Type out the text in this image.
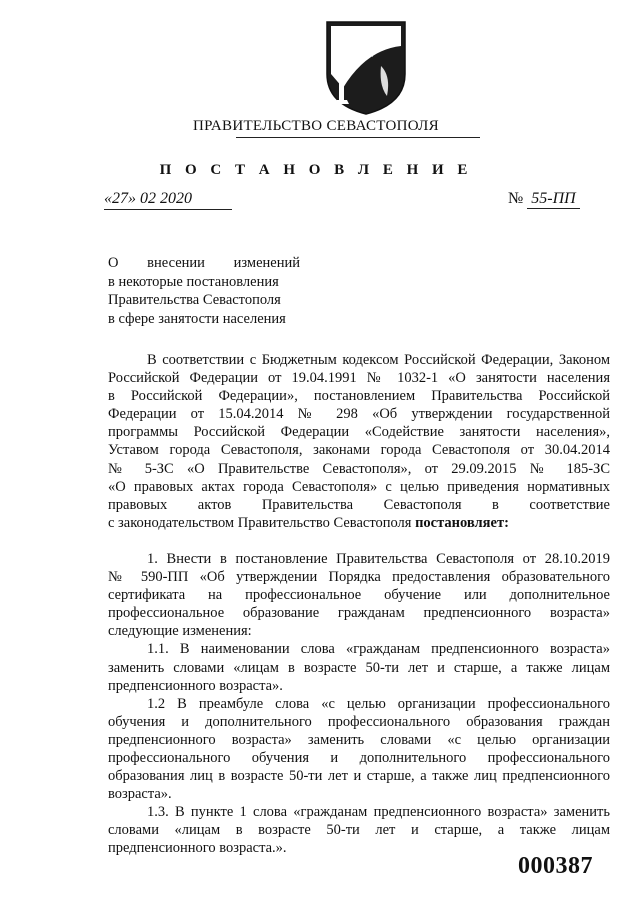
ПРАВИТЕЛЬСТВО СЕВАСТОПОЛЯ
П О С Т А Н О В Л Е Н И Е
«27» 02 2020	№ 55-ПП
О внесении изменений
в некоторые постановления
Правительства Севастополя
в сфере занятости населения
В соответствии с Бюджетным кодексом Российской Федерации, Законом
Российской Федерации от 19.04.1991 № 1032-1 «О занятости населения
в Российской Федерации», постановлением Правительства Российской
Федерации от 15.04.2014 № 298 «Об утверждении государственной
программы Российской Федерации «Содействие занятости населения»,
Уставом города Севастополя, законами города Севастополя от 30.04.2014
№ 5-ЗС «О Правительстве Севастополя», от 29.09.2015 № 185-ЗС
«О правовых актах города Севастополя» с целью приведения нормативных
правовых актов Правительства Севастополя в соответствие
с законодательством Правительство Севастополя постановляет:
1. Внести в постановление Правительства Севастополя от 28.10.2019
№ 590-ПП «Об утверждении Порядка предоставления образовательного
сертификата на профессиональное обучение или дополнительное
профессиональное образование гражданам предпенсионного возраста»
следующие изменения:
1.1. В наименовании слова «гражданам предпенсионного возраста»
заменить словами «лицам в возрасте 50-ти лет и старше, а также лицам
предпенсионного возраста».
1.2 В преамбуле слова «с целью организации профессионального
обучения и дополнительного профессионального образования граждан
предпенсионного возраста» заменить словами «с целью организации
профессионального обучения и дополнительного профессионального
образования лиц в возрасте 50-ти лет и старше, а также лиц предпенсионного
возраста».
1.3. В пункте 1 слова «гражданам предпенсионного возраста» заменить
словами «лицам в возрасте 50-ти лет и старше, а также лицам
предпенсионного возраста.».
000387
